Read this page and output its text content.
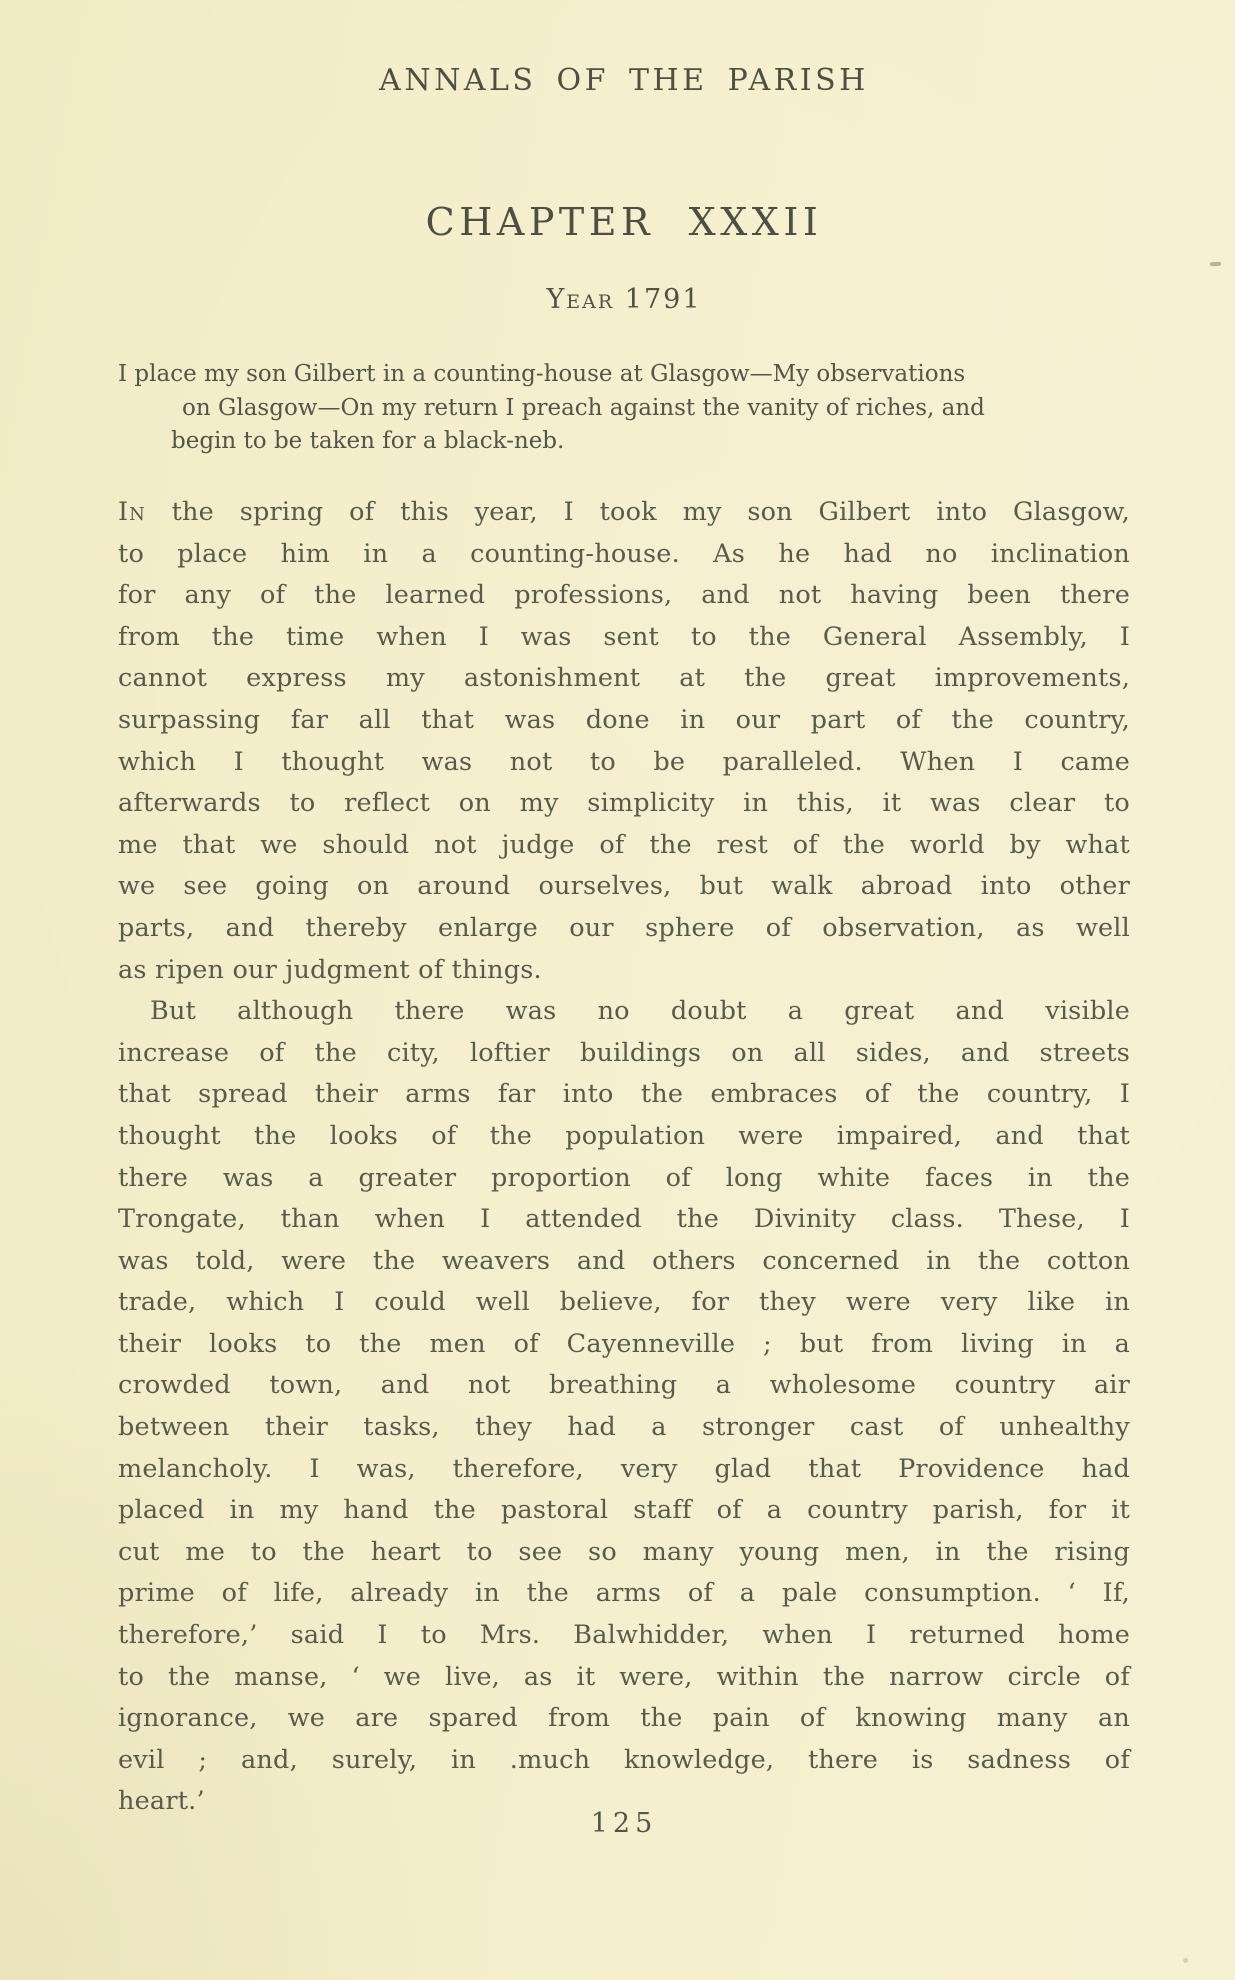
ANNALS OF THE PARISH
CHAPTER XXXII
Year 1791
I place my son Gilbert in a counting-house at Glasgow—My observations
on Glasgow—On my return I preach against the vanity of riches, and
begin to be taken for a black-neb.
In the spring of this year, I took my son Gilbert into Glasgow,
to place him in a counting-house. As he had no inclination
for any of the learned professions, and not having been there
from the time when I was sent to the General Assembly, I
cannot express my astonishment at the great improvements,
surpassing far all that was done in our part of the country,
which I thought was not to be paralleled. When I came
afterwards to reflect on my simplicity in this, it was clear to
me that we should not judge of the rest of the world by what
we see going on around ourselves, but walk abroad into other
parts, and thereby enlarge our sphere of observation, as well
as ripen our judgment of things.
But although there was no doubt a great and visible
increase of the city, loftier buildings on all sides, and streets
that spread their arms far into the embraces of the country, I
thought the looks of the population were impaired, and that
there was a greater proportion of long white faces in the
Trongate, than when I attended the Divinity class. These, I
was told, were the weavers and others concerned in the cotton
trade, which I could well believe, for they were very like in
their looks to the men of Cayenneville ; but from living in a
crowded town, and not breathing a wholesome country air
between their tasks, they had a stronger cast of unhealthy
melancholy. I was, therefore, very glad that Providence had
placed in my hand the pastoral staff of a country parish, for it
cut me to the heart to see so many young men, in the rising
prime of life, already in the arms of a pale consumption. ‘ If,
therefore,’ said I to Mrs. Balwhidder, when I returned home
to the manse, ‘ we live, as it were, within the narrow circle of
ignorance, we are spared from the pain of knowing many an
evil ; and, surely, in .much knowledge, there is sadness of
heart.’
125
